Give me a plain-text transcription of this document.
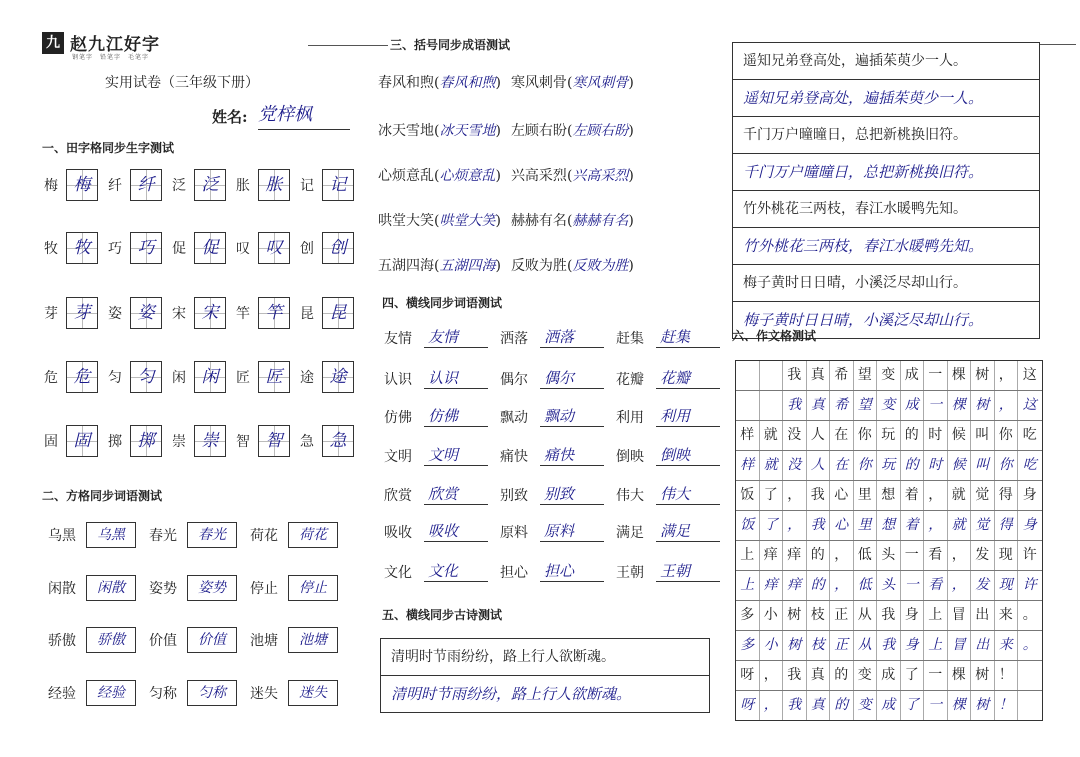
九 赵九江好字
钢笔字　铅笔字　毛笔字
实用试卷（三年级下册）
姓名: 党梓枫
一、田字格同步生字测试
梅 梅	纤 纤	泛 泛	胀 胀	记 记
牧 牧	巧 巧	促 促	叹 叹	创 创
芽 芽	姿 姿	宋 宋	竿 竿	昆 昆
危 危	匀 匀	闲 闲	匠 匠	途 途
固 固	掷 掷	崇 崇	智 智	急 急
二、方格同步词语测试
乌黑	乌黑	春光	春光	荷花	荷花
闲散	闲散	姿势	姿势	停止	停止
骄傲	骄傲	价值	价值	池塘	池塘
经验	经验	匀称	匀称	迷失	迷失
三、括号同步成语测试
春风和煦(春风和煦) 寒风刺骨(寒风刺骨)
冰天雪地(冰天雪地) 左顾右盼(左顾右盼)
心烦意乱(心烦意乱) 兴高采烈(兴高采烈)
哄堂大笑(哄堂大笑) 赫赫有名(赫赫有名)
五湖四海(五湖四海) 反败为胜(反败为胜)
四、横线同步词语测试
友情	友情	洒落	洒落	赶集	赶集
认识	认识	偶尔	偶尔	花瓣	花瓣
仿佛	仿佛	飘动	飘动	利用	利用
文明	文明	痛快	痛快	倒映	倒映
欣赏	欣赏	别致	别致	伟大	伟大
吸收	吸收	原料	原料	满足	满足
文化	文化	担心	担心	王朝	王朝
五、横线同步古诗测试
清明时节雨纷纷，路上行人欲断魂。
清明时节雨纷纷，路上行人欲断魂。
遥知兄弟登高处，遍插茱萸少一人。
遥知兄弟登高处，遍插茱萸少一人。
千门万户曈曈日，总把新桃换旧符。
千门万户曈曈日，总把新桃换旧符。
竹外桃花三两枝，春江水暖鸭先知。
竹外桃花三两枝，春江水暖鸭先知。
梅子黄时日日晴，小溪泛尽却山行。
梅子黄时日日晴，小溪泛尽却山行。
六、作文格测试
我 真 希 望 变 成 一 棵 树 ， 这
我 真 希 望 变 成 一 棵 树 ， 这
样 就 没 人 在 你 玩 的 时 候 叫 你 吃
样 就 没 人 在 你 玩 的 时 候 叫 你 吃
饭 了 ， 我 心 里 想 着 ， 就 觉 得 身
饭 了 ， 我 心 里 想 着 ， 就 觉 得 身
上 痒 痒 的 ， 低 头 一 看 ， 发 现 许
上 痒 痒 的 ， 低 头 一 看 ， 发 现 许
多 小 树 枝 正 从 我 身 上 冒 出 来 。
多 小 树 枝 正 从 我 身 上 冒 出 来 。
呀 ， 我 真 的 变 成 了 一 棵 树 ！
呀 ， 我 真 的 变 成 了 一 棵 树 ！
